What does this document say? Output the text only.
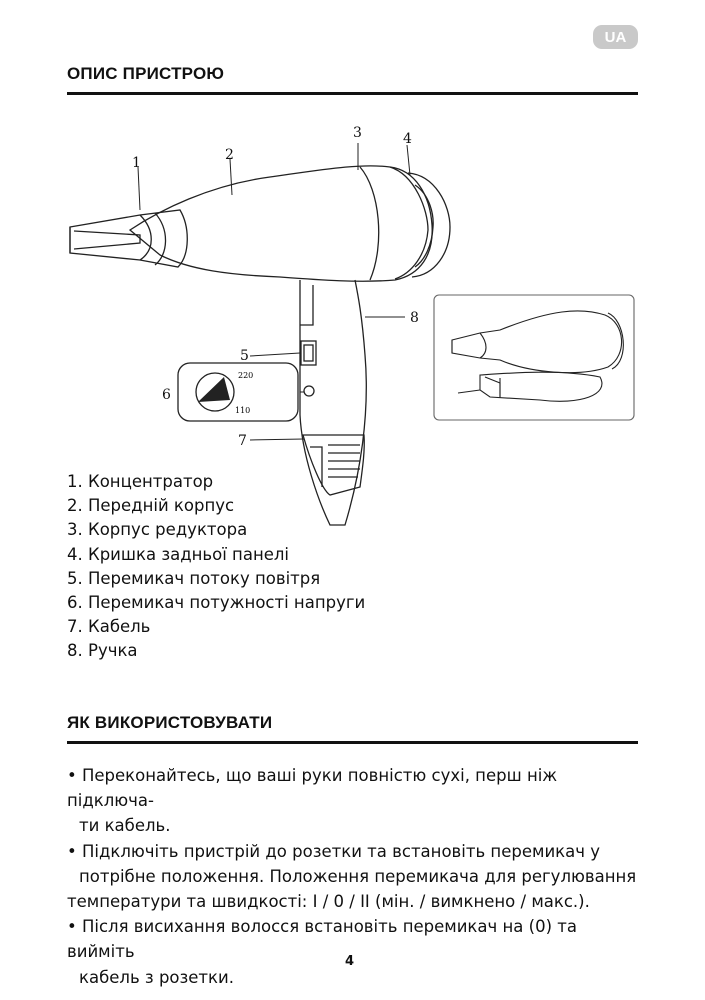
UA
ОПИС ПРИСТРОЮ
220
110
1	2
3	4
8
5
6
7
1. Концентратор
2. Передній корпус
3. Корпус редуктора
4. Кришка задньої панелі
5. Перемикач потоку повітря
6. Перемикач потужності напруги
7. Кабель
8. Ручка
ЯК ВИКОРИСТОВУВАТИ

• Переконайтесь, що ваші руки повністю сухі, перш ніж підключа-

ти кабель.

• Підключіть пристрій до розетки та встановіть перемикач у

потрібне положення. Положення перемикача для регулювання

температури та швидкості: I / 0 / II (мін. / вимкнено / макс.).

• Після висихання волосся встановіть перемикач на (0) та вийміть

кабель з розетки.

4
